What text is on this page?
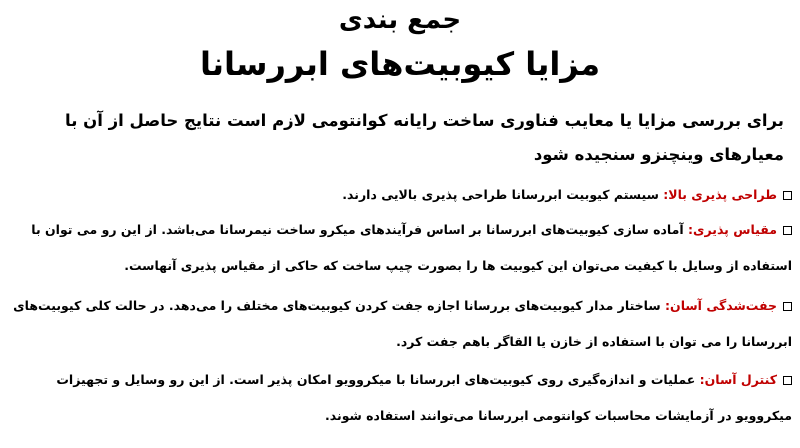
جمع بندی
مزایا کیوبیت‌های ابررسانا
برای بررسی مزایا یا معایب فناوری ساخت رایانه کوانتومی لازم است نتایج حاصل از آن با معیارهای وینچنزو سنجیده شود
طراحی پذیری بالا: سیستم کیوبیت ابررسانا طراحی پذیری بالایی دارند.
مقیاس پذیری: آماده سازی کیوبیت‌های ابررسانا بر اساس فرآیندهای میکرو ساخت نیمرسانا می‌باشد. از این رو می توان با استفاده از وسایل با کیفیت می‌توان این کیوبیت ها را بصورت چیپ ساخت که حاکی از مقیاس پذیری آنهاست.
جفت‌شدگی آسان: ساختار مدار کیوبیت‌های بررسانا اجازه جفت کردن کیوبیت‌های مختلف را می‌دهد. در حالت کلی کیوبیت‌های ابررسانا را می توان با استفاده از خازن یا القاگر باهم جفت کرد.
کنترل آسان: عملیات و اندازه‌گیری روی کیوبیت‌های ابررسانا با میکروویو امکان پذیر است. از این رو وسایل و تجهیزات میکروویو در آزمایشات محاسبات کوانتومی ابررسانا می‌توانند استفاده شوند.
